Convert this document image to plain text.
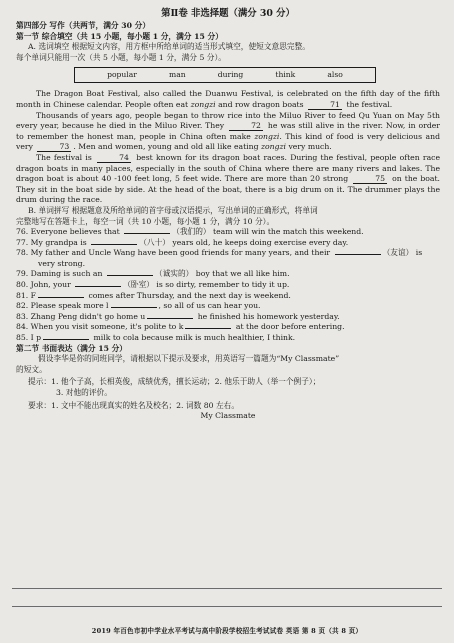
第Ⅱ卷 非选择题（满分 30 分）
第四部分 写作（共两节，满分 30 分）
第一节 综合填空（共 15 小题，每小题 1 分，满分 15 分）
A. 选词填空 根据短文内容，用方框中所给单词的适当形式填空，使短文意思完整。
每个单词只能用一次（共 5 小题，每小题 1 分，满分 5 分）。
popular	man	during	think	also

The Dragon Boat Festival, also called the Duanwu Festival, is celebrated on the fifth day of the fifth month in Chinese calendar. People often eat zongzi and row dragon boats	71 the festival.

Thousands of years ago, people began to throw rice into the Miluo River to feed Qu Yuan on May 5th every year, because he died in the Miluo River. They	72 he was still alive in the river. Now, in order to remember the honest man, people in China often make zongzi. This kind of food is very delicious and very	73 . Men and women, young and old all like eating zongzi very much.

The festival is	74 best known for its dragon boat races. During the festival, people often race dragon boats in many places, especially in the south of China where there are many rivers and lakes. The dragon boat is about 40 -100 feet long, 5 feet wide. There are more than 20 strong	75 on the boat. They sit in the boat side by side. At the head of the boat, there is a big drum on it. The drummer plays the drum during the race.

B. 单词拼写 根据题意及所给单词的首字母或汉语提示，写出单词的正确形式，将单词
完整地写在答题卡上，每空一词（共 10 小题，每小题 1 分，满分 10 分）。
76. Everyone believes that	（我们的） team will win the match this weekend.
77. My grandpa is	（八十） years old, he keeps doing exercise every day.
78. My father and Uncle Wang have been good friends for many years, and their	（友谊） is
very strong.
79. Daming is such an	（诚实的） boy that we all like him.
80. John, your	（卧室） is so dirty, remember to tidy it up.
81. F	comes after Thursday, and the next day is weekend.
82. Please speak more l	, so all of us can hear you.
83. Zhang Peng didn't go home u	he finished his homework yesterday.
84. When you visit someone, it's polite to k	at the door before entering.
85. I p	milk to cola because milk is much healthier, I think.
第二节 书面表达（满分 15 分）
假设李华是你的同班同学，请根据以下提示及要求，用英语写一篇题为“My Classmate”
的短文。
提示：1. 他个子高，长相英俊，成绩优秀，擅长运动；2. 他乐于助人（举一个例子）；
3. 对他的评价。
要求：1. 文中不能出现真实的姓名及校名；2. 词数 80 左右。
My Classmate
2019 年百色市初中学业水平考试与高中阶段学校招生考试试卷 英语 第 8 页（共 8 页）
